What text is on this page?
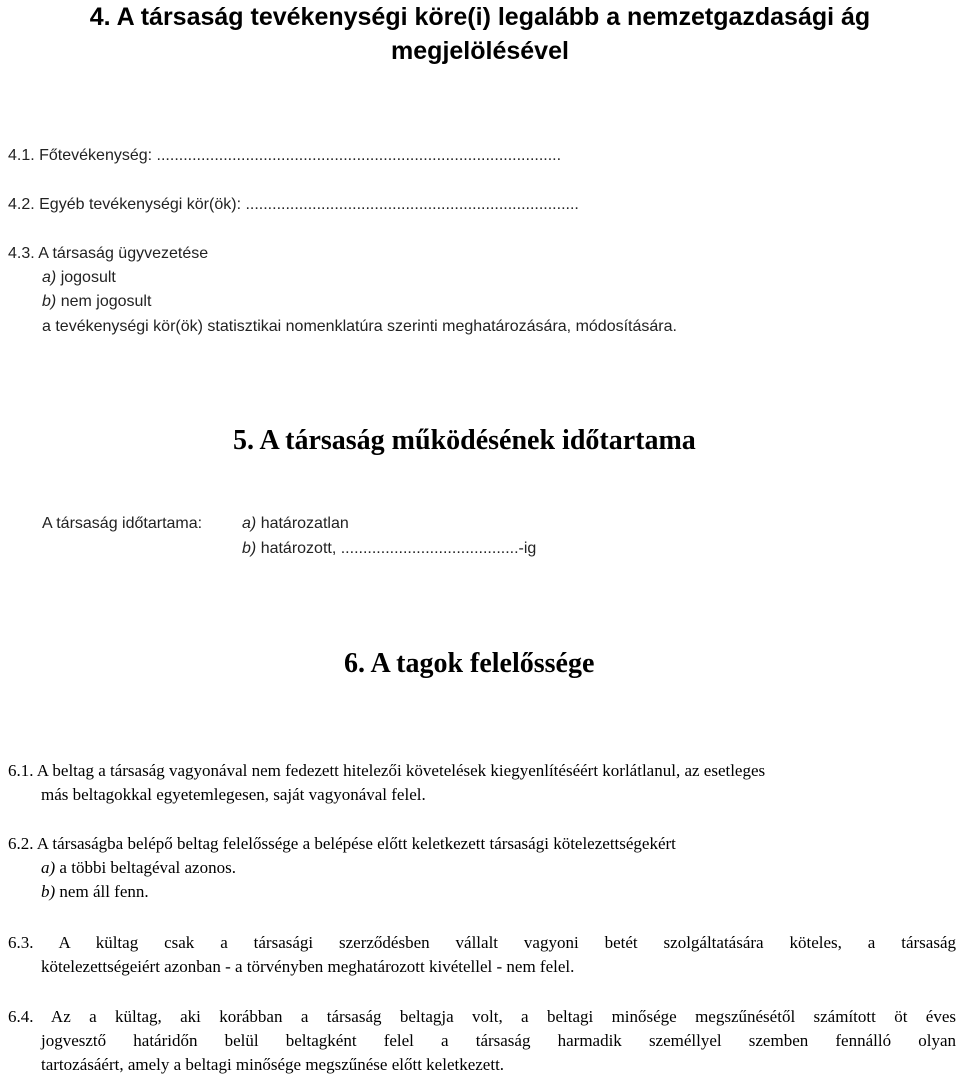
4. A társaság tevékenységi köre(i) legalább a nemzetgazdasági ág megjelölésével
4.1. Főtevékenység: ...........................................................................................
4.2. Egyéb tevékenységi kör(ök): ...........................................................................
4.3. A társaság ügyvezetése
a) jogosult
b) nem jogosult
a tevékenységi kör(ök) statisztikai nomenklatúra szerinti meghatározására, módosítására.
5. A társaság működésének időtartama
A társaság időtartama: a) határozatlan
b) határozott, ........................................-ig
6. A tagok felelőssége
6.1. A beltag a társaság vagyonával nem fedezett hitelezői követelések kiegyenlítéséért korlátlanul, az esetleges
más beltagokkal egyetemlegesen, saját vagyonával felel.
6.2. A társaságba belépő beltag felelőssége a belépése előtt keletkezett társasági kötelezettségekért
a) a többi beltagéval azonos.
b) nem áll fenn.
6.3. A kültag csak a társasági szerződésben vállalt vagyoni betét szolgáltatására köteles, a társaság
kötelezettségeiért azonban - a törvényben meghatározott kivétellel - nem felel.
6.4. Az a kültag, aki korábban a társaság beltagja volt, a beltagi minősége megszűnésétől számított öt éves
jogvesztő határidőn belül beltagként felel a társaság harmadik személlyel szemben fennálló olyan
tartozásáért, amely a beltagi minősége megszűnése előtt keletkezett.
